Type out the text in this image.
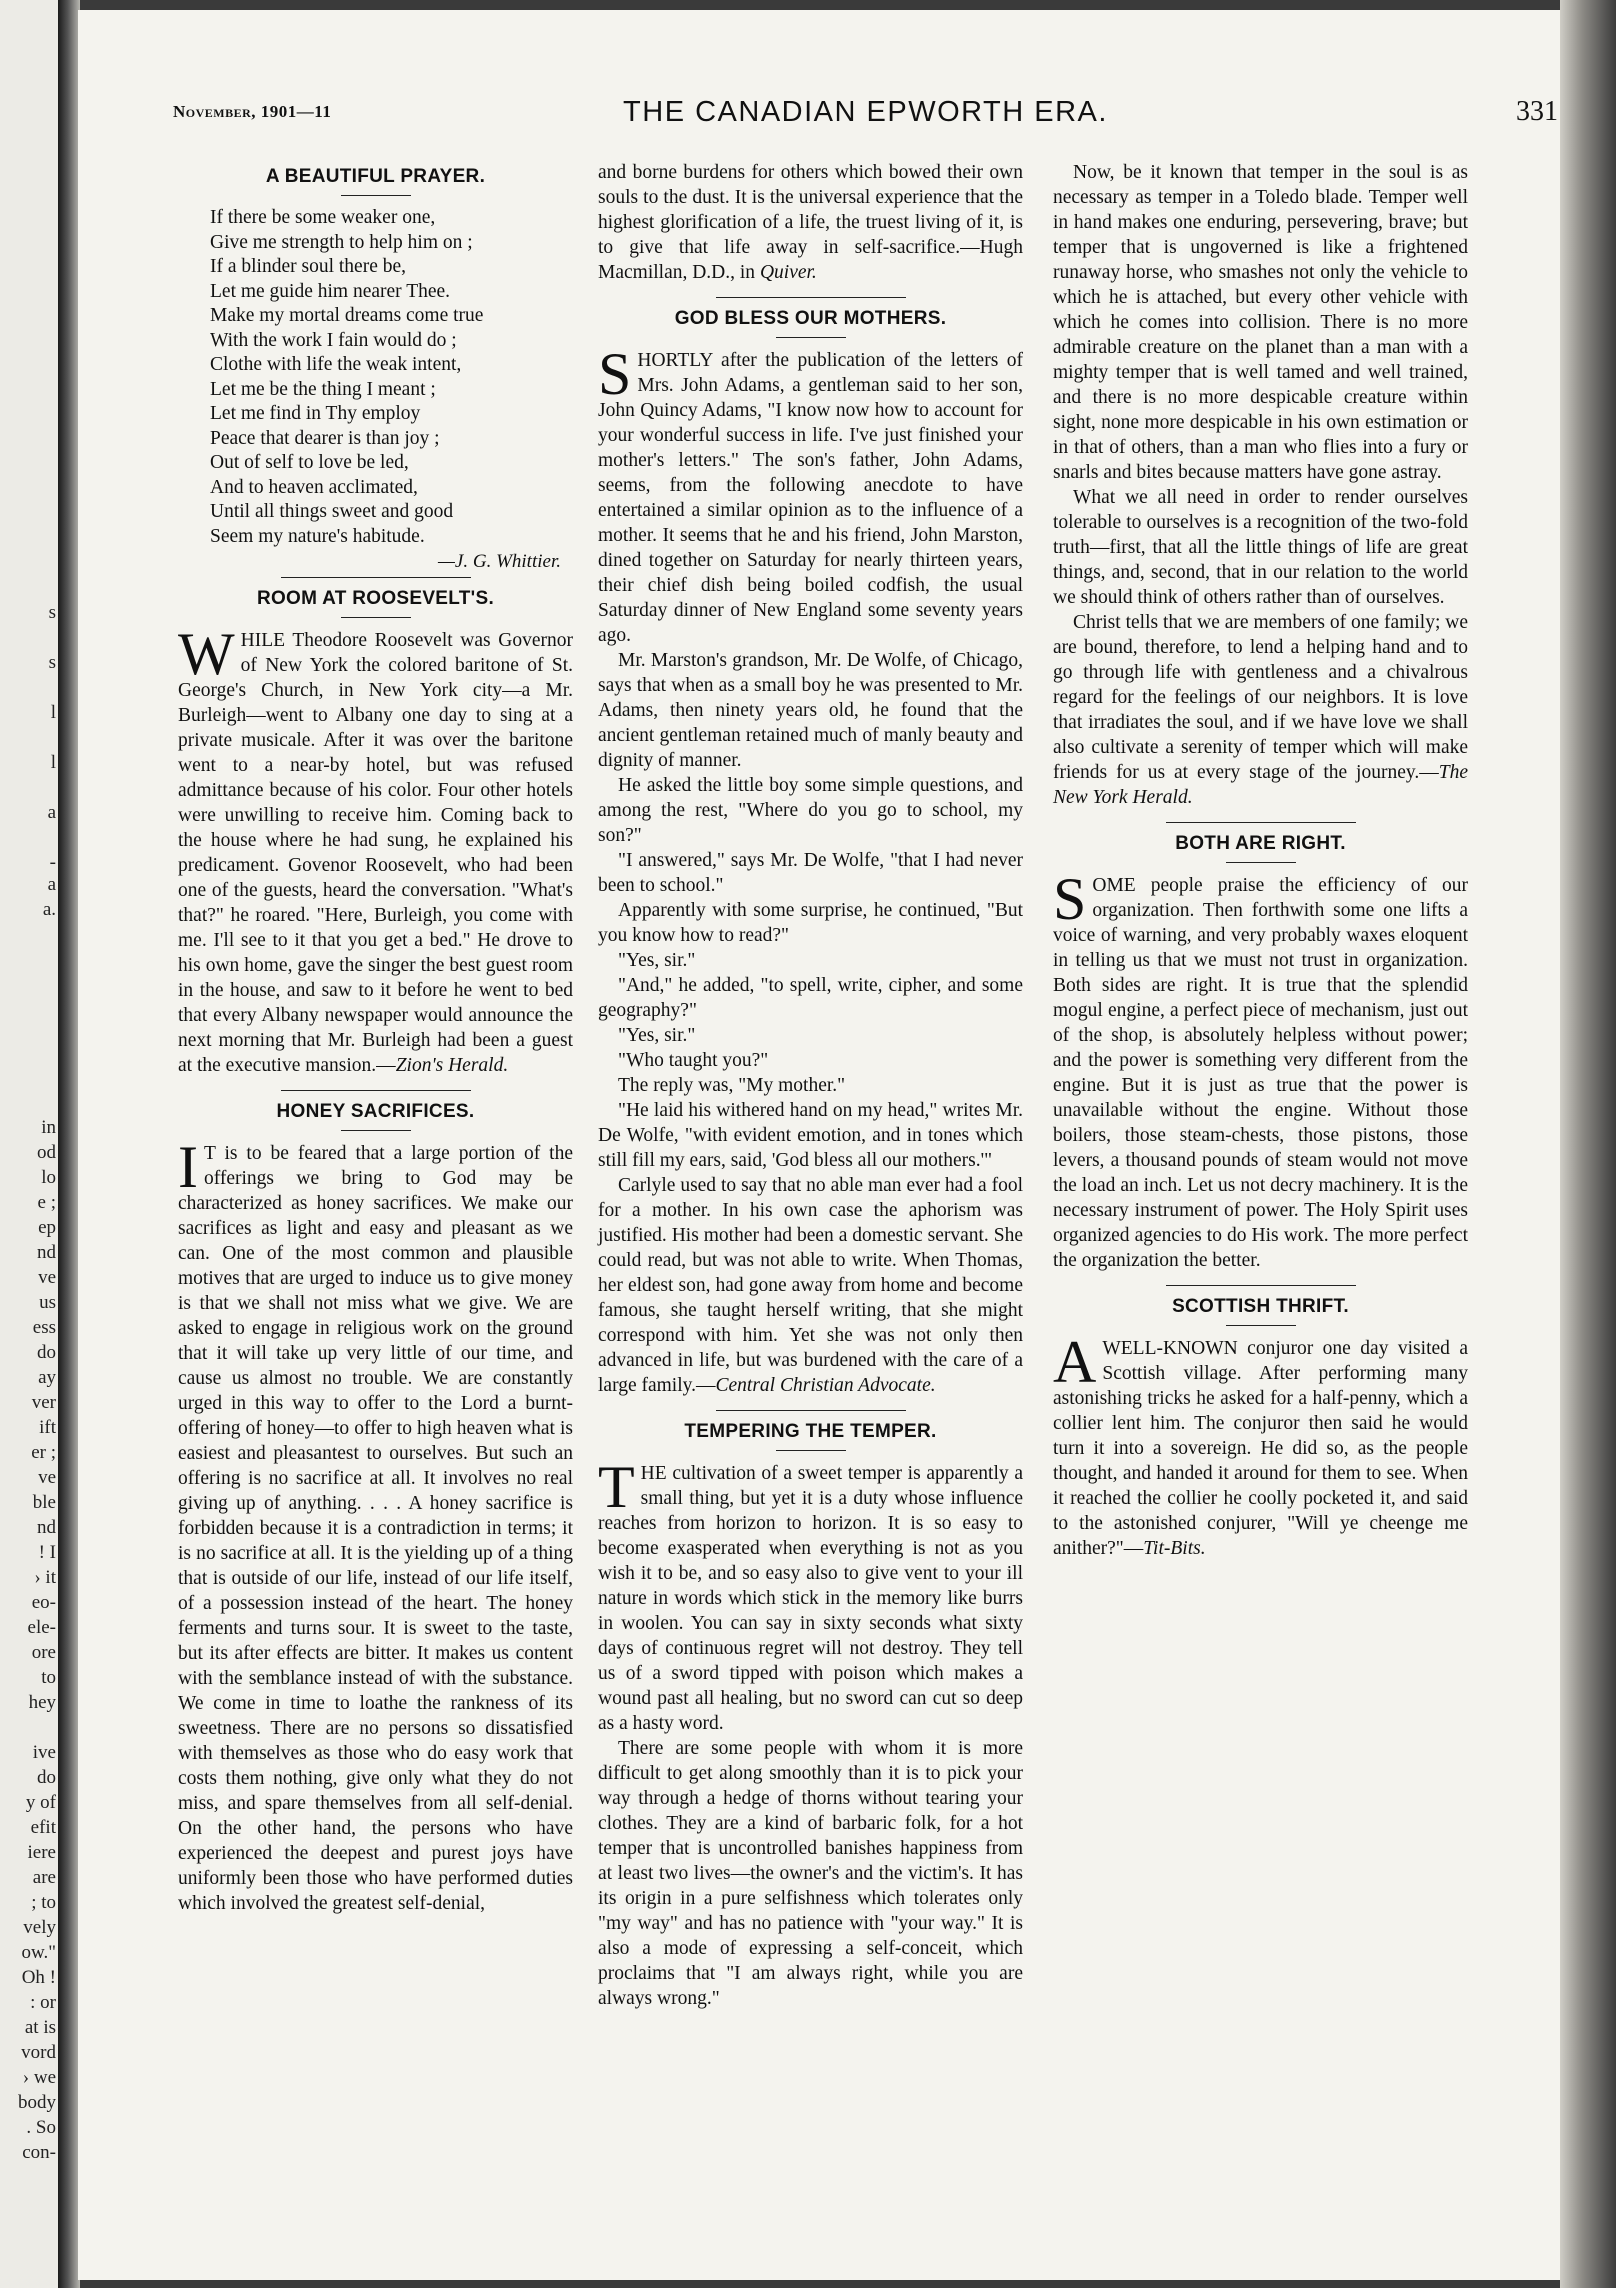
s
s
l
l
a
-
a
a.
in
od
lo
e ;
ep
nd
ve
us
ess
do
ay
ver
ift
er ;
ve
ble
nd
! I
› it
eo-
ele-
ore
to
hey
ive
do
y of
efit
iere
are
; to
vely
ow."
Oh !
: or
at is
vord
› we
body
. So
con-
November, 1901—11	THE CANADIAN EPWORTH ERA.	331
A BEAUTIFUL PRAYER.
If there be some weaker one,
Give me strength to help him on ;
If a blinder soul there be,
Let me guide him nearer Thee.
Make my mortal dreams come true
With the work I fain would do ;
Clothe with life the weak intent,
Let me be the thing I meant ;
Let me find in Thy employ
Peace that dearer is than joy ;
Out of self to love be led,
And to heaven acclimated,
Until all things sweet and good
Seem my nature's habitude.
—J. G. Whittier.
ROOM AT ROOSEVELT'S.

WHILE Theodore Roosevelt was Governor of New York the colored baritone of St. George's Church, in New York city—a Mr. Burleigh—went to Albany one day to sing at a private musicale. After it was over the baritone went to a near-by hotel, but was refused admittance because of his color. Four other hotels were unwilling to receive him. Coming back to the house where he had sung, he explained his predicament. Govenor Roosevelt, who had been one of the guests, heard the conversation. "What's that?" he roared. "Here, Burleigh, you come with me. I'll see to it that you get a bed." He drove to his own home, gave the singer the best guest room in the house, and saw to it before he went to bed that every Albany newspaper would announce the next morning that Mr. Burleigh had been a guest at the executive mansion.—Zion's Herald.

HONEY SACRIFICES.

I T is to be feared that a large portion of the offerings we bring to God may be characterized as honey sacrifices. We make our sacrifices as light and easy and pleasant as we can. One of the most common and plausible motives that are urged to induce us to give money is that we shall not miss what we give. We are asked to engage in religious work on the ground that it will take up very little of our time, and cause us almost no trouble. We are constantly urged in this way to offer to the Lord a burnt-offering of honey—to offer to high heaven what is easiest and pleasantest to ourselves. But such an offering is no sacrifice at all. It involves no real giving up of anything. . . . A honey sacrifice is forbidden because it is a contradiction in terms; it is no sacrifice at all. It is the yielding up of a thing that is outside of our life, instead of our life itself, of a possession instead of the heart. The honey ferments and turns sour. It is sweet to the taste, but its after effects are bitter. It makes us content with the semblance instead of with the substance. We come in time to loathe the rankness of its sweetness. There are no persons so dissatisfied with themselves as those who do easy work that costs them nothing, give only what they do not miss, and spare themselves from all self-denial. On the other hand, the persons who have experienced the deepest and purest joys have uniformly been those who have performed duties which involved the greatest self-denial,

and borne burdens for others which bowed their own souls to the dust. It is the universal experience that the highest glorification of a life, the truest living of it, is to give that life away in self-sacrifice.—Hugh Macmillan, D.D., in Quiver.

GOD BLESS OUR MOTHERS.

SHORTLY after the publication of the letters of Mrs. John Adams, a gentleman said to her son, John Quincy Adams, "I know now how to account for your wonderful success in life. I've just finished your mother's letters." The son's father, John Adams, seems, from the following anecdote to have entertained a similar opinion as to the influence of a mother. It seems that he and his friend, John Marston, dined together on Saturday for nearly thirteen years, their chief dish being boiled codfish, the usual Saturday dinner of New England some seventy years ago.

Mr. Marston's grandson, Mr. De Wolfe, of Chicago, says that when as a small boy he was presented to Mr. Adams, then ninety years old, he found that the ancient gentleman retained much of manly beauty and dignity of manner.

He asked the little boy some simple questions, and among the rest, "Where do you go to school, my son?"

"I answered," says Mr. De Wolfe, "that I had never been to school."

Apparently with some surprise, he continued, "But you know how to read?"

"Yes, sir."

"And," he added, "to spell, write, cipher, and some geography?"

"Yes, sir."

"Who taught you?"

The reply was, "My mother."

"He laid his withered hand on my head," writes Mr. De Wolfe, "with evident emotion, and in tones which still fill my ears, said, 'God bless all our mothers.'"

Carlyle used to say that no able man ever had a fool for a mother. In his own case the aphorism was justified. His mother had been a domestic servant. She could read, but was not able to write. When Thomas, her eldest son, had gone away from home and become famous, she taught herself writing, that she might correspond with him. Yet she was not only then advanced in life, but was burdened with the care of a large family.—Central Christian Advocate.

TEMPERING THE TEMPER.

THE cultivation of a sweet temper is apparently a small thing, but yet it is a duty whose influence reaches from horizon to horizon. It is so easy to become exasperated when everything is not as you wish it to be, and so easy also to give vent to your ill nature in words which stick in the memory like burrs in woolen. You can say in sixty seconds what sixty days of continuous regret will not destroy. They tell us of a sword tipped with poison which makes a wound past all healing, but no sword can cut so deep as a hasty word.

There are some people with whom it is more difficult to get along smoothly than it is to pick your way through a hedge of thorns without tearing your clothes. They are a kind of barbaric folk, for a hot temper that is uncontrolled banishes happiness from at least two lives—the owner's and the victim's. It has its origin in a pure selfishness which tolerates only "my way" and has no patience with "your way." It is also a mode of expressing a self-conceit, which proclaims that "I am always right, while you are always wrong."

Now, be it known that temper in the soul is as necessary as temper in a Toledo blade. Temper well in hand makes one enduring, persevering, brave; but temper that is ungoverned is like a frightened runaway horse, who smashes not only the vehicle to which he is attached, but every other vehicle with which he comes into collision. There is no more admirable creature on the planet than a man with a mighty temper that is well tamed and well trained, and there is no more despicable creature within sight, none more despicable in his own estimation or in that of others, than a man who flies into a fury or snarls and bites because matters have gone astray.

What we all need in order to render ourselves tolerable to ourselves is a recognition of the two-fold truth—first, that all the little things of life are great things, and, second, that in our relation to the world we should think of others rather than of ourselves.

Christ tells that we are members of one family; we are bound, therefore, to lend a helping hand and to go through life with gentleness and a chivalrous regard for the feelings of our neighbors. It is love that irradiates the soul, and if we have love we shall also cultivate a serenity of temper which will make friends for us at every stage of the journey.—The New York Herald.

BOTH ARE RIGHT.

SOME people praise the efficiency of our organization. Then forthwith some one lifts a voice of warning, and very probably waxes eloquent in telling us that we must not trust in organization. Both sides are right. It is true that the splendid mogul engine, a perfect piece of mechanism, just out of the shop, is absolutely helpless without power; and the power is something very different from the engine. But it is just as true that the power is unavailable without the engine. Without those boilers, those steam-chests, those pistons, those levers, a thousand pounds of steam would not move the load an inch. Let us not decry machinery. It is the necessary instrument of power. The Holy Spirit uses organized agencies to do His work. The more perfect the organization the better.

SCOTTISH THRIFT.

AWELL-KNOWN conjuror one day visited a Scottish village. After performing many astonishing tricks he asked for a half-penny, which a collier lent him. The conjuror then said he would turn it into a sovereign. He did so, as the people thought, and handed it around for them to see. When it reached the collier he coolly pocketed it, and said to the astonished conjurer, "Will ye cheenge me anither?"—Tit-Bits.
